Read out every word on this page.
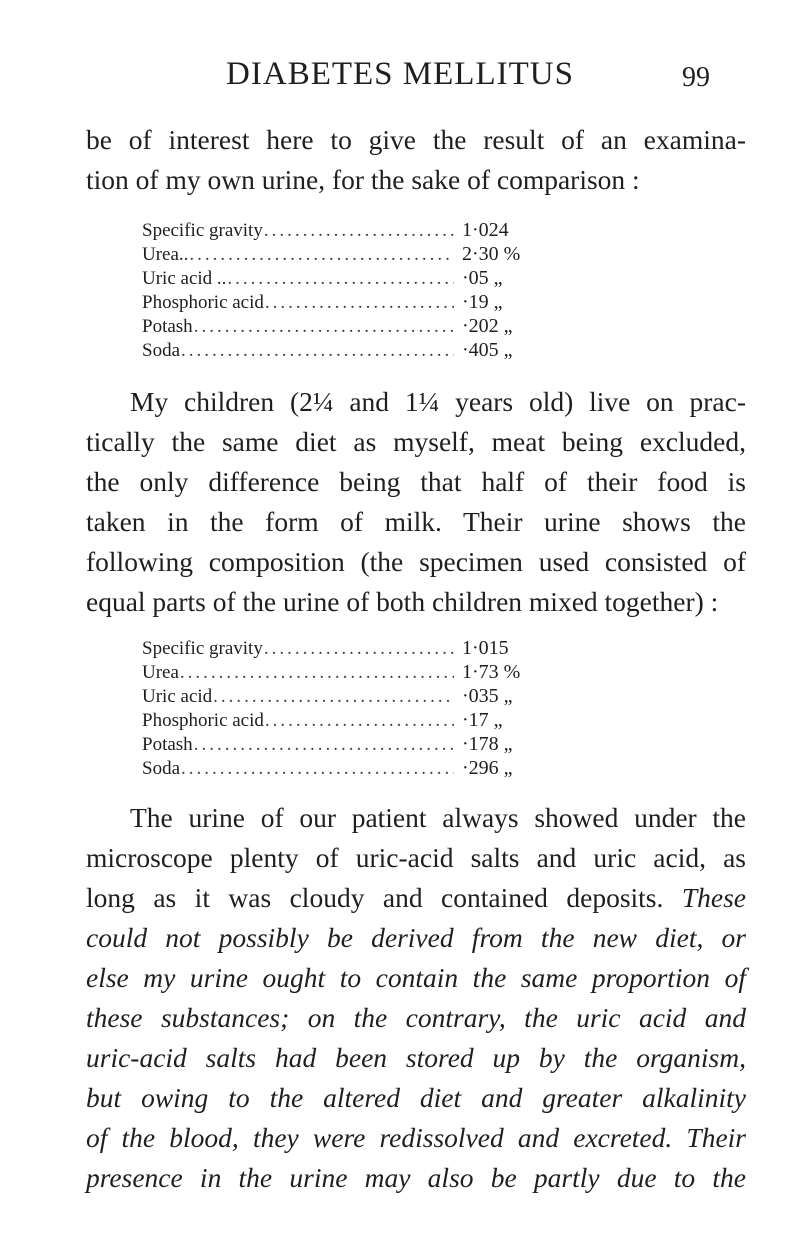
DIABETES MELLITUS	99
be of interest here to give the result of an examina-
tion of my own urine, for the sake of comparison :
Specific gravity .....	1·024
Urea.. .....	2·30 %
Uric acid .. .....	·05 „
Phosphoric acid .....	·19 „
Potash .....	·202 „
Soda .....	·405 „
My children (2¼ and 1¼ years old) live on prac-
tically the same diet as myself, meat being excluded,
the only difference being that half of their food is
taken in the form of milk. Their urine shows the
following composition (the specimen used consisted of
equal parts of the urine of both children mixed together) :
Specific gravity .....	1·015
Urea .....	1·73 %
Uric acid .....	·035 „
Phosphoric acid .....	·17 „
Potash .....	·178 „
Soda .....	·296 „
The urine of our patient always showed under the
microscope plenty of uric-acid salts and uric acid, as
long as it was cloudy and contained deposits. These
could not possibly be derived from the new diet, or
else my urine ought to contain the same proportion of
these substances; on the contrary, the uric acid and
uric-acid salts had been stored up by the organism,
but owing to the altered diet and greater alkalinity
of the blood, they were redissolved and excreted. Their
presence in the urine may also be partly due to the
